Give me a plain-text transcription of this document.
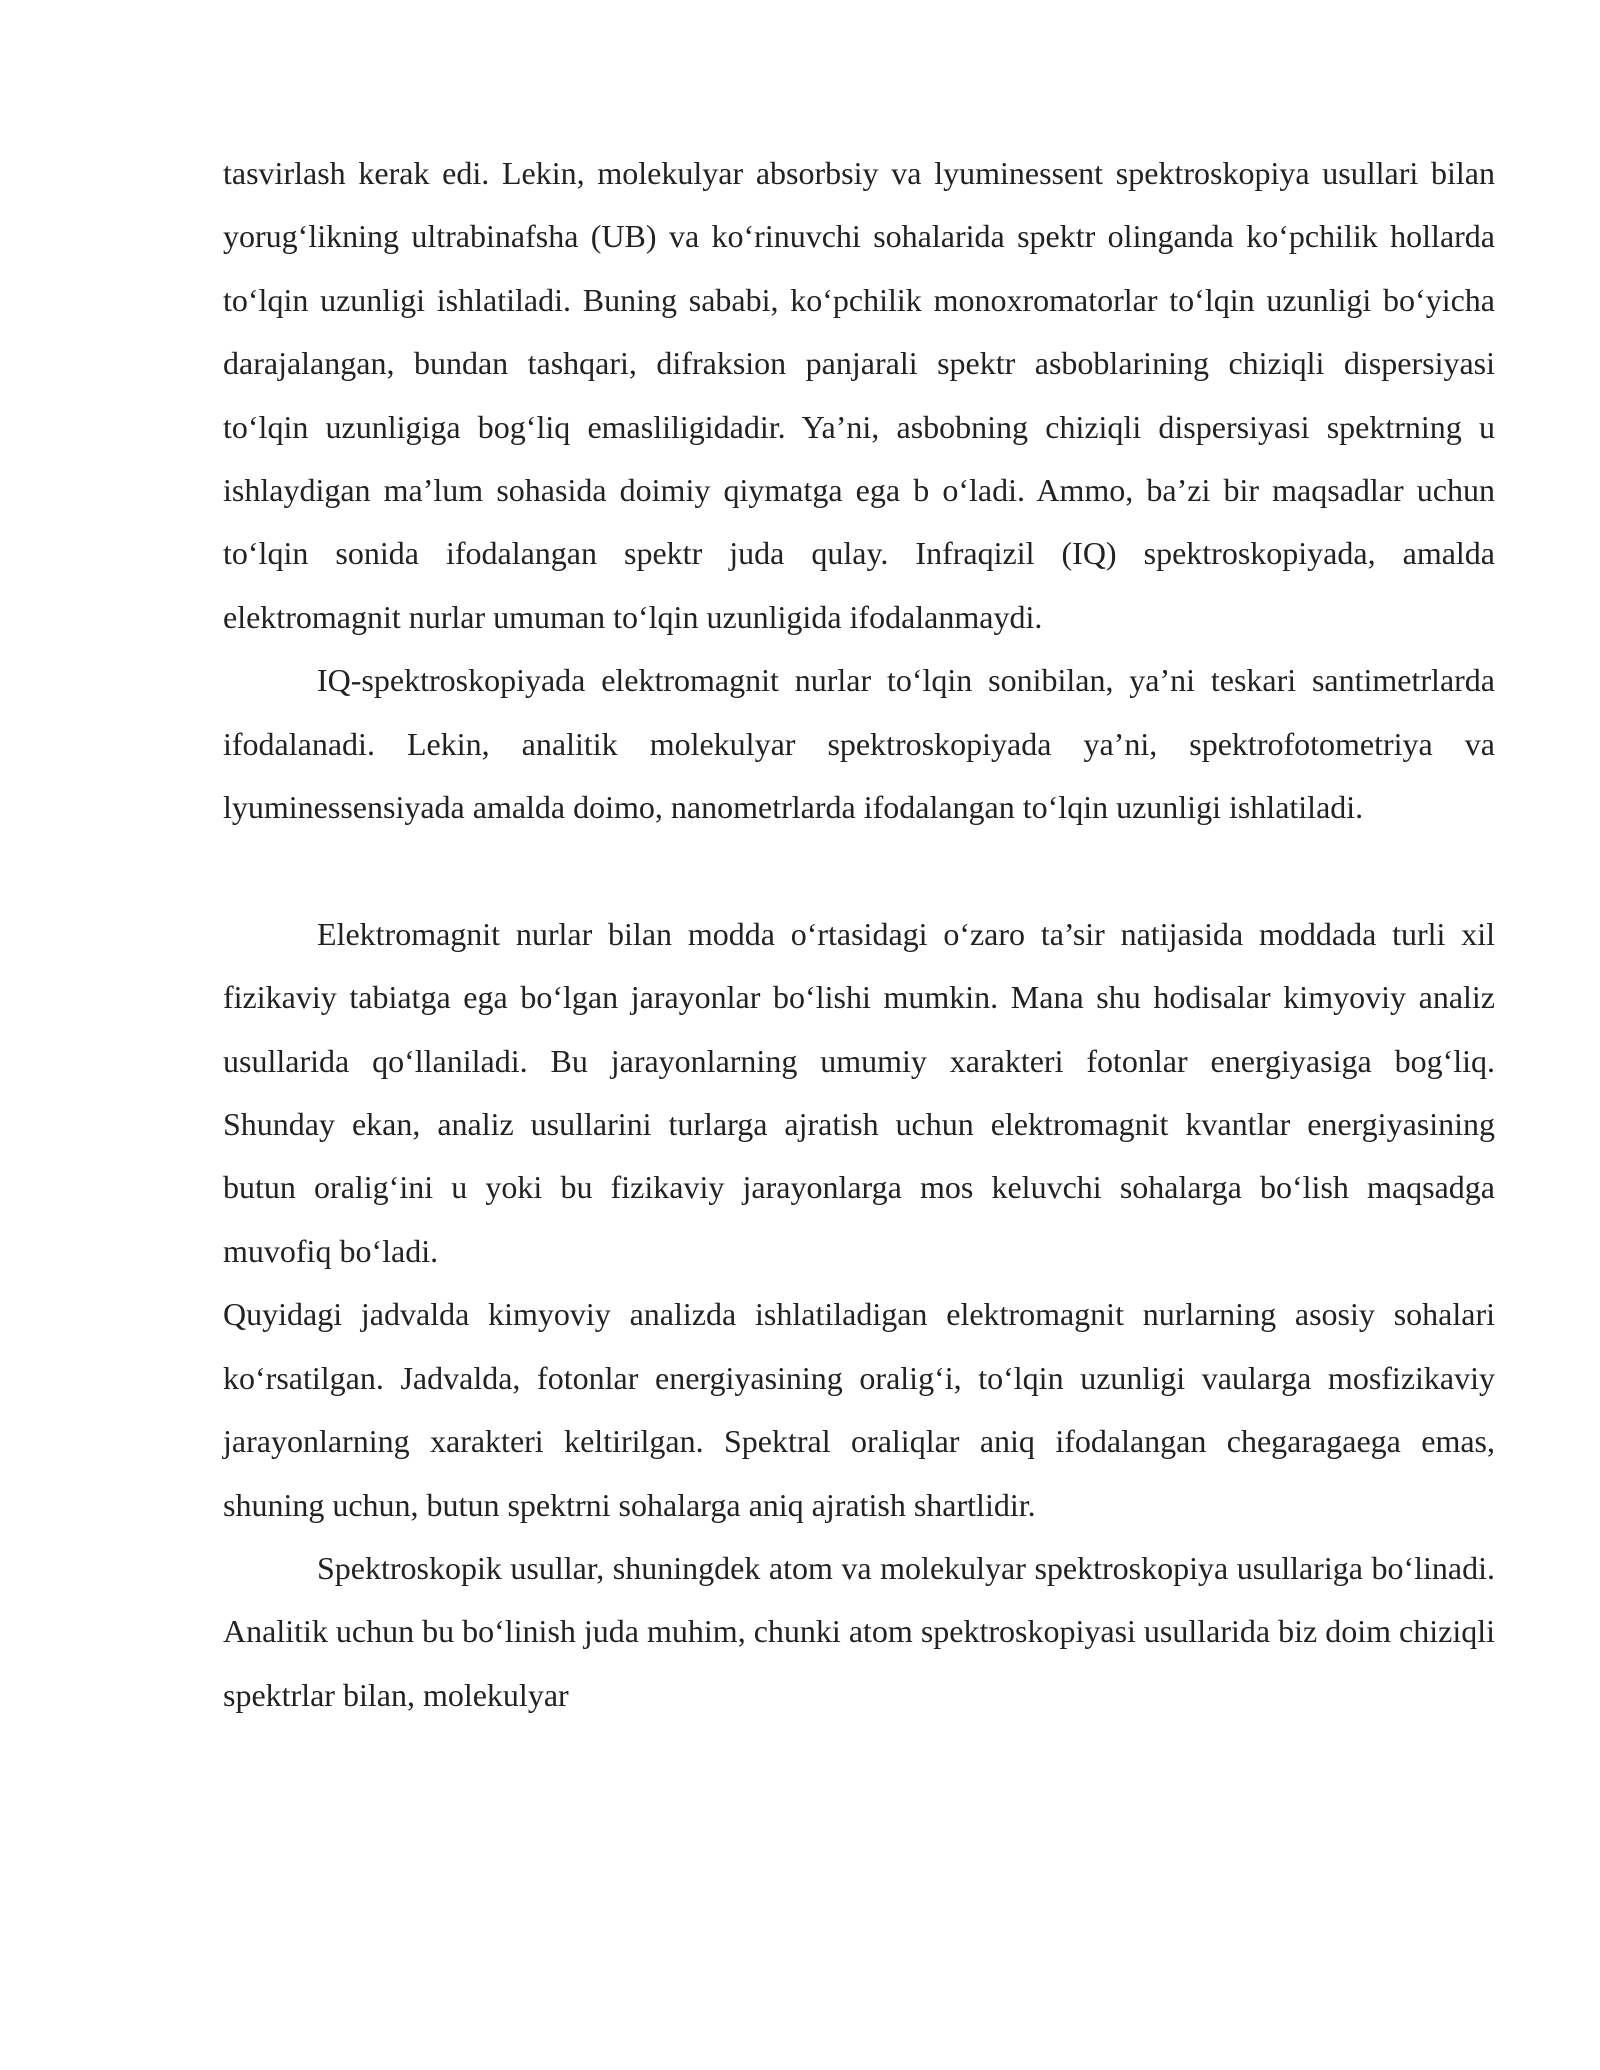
tasvirlash kerak edi. Lekin, molekulyar absorbsiy va lyuminessent spektroskopiya usullari bilan yorug‘likning ultrabinafsha (UB) va ko‘rinuvchi sohalarida spektr olinganda ko‘pchilik hollarda to‘lqin uzunligi ishlatiladi. Buning sababi, ko‘pchilik monoxromatorlar to‘lqin uzunligi bo‘yicha darajalangan, bundan tashqari, difraksion panjarali spektr asboblarining chiziqli dispersiyasi to‘lqin uzunligiga bog‘liq emasliligidadir. Ya’ni, asbobning chiziqli dispersiyasi spektrning u ishlaydigan ma’lum sohasida doimiy qiymatga ega b o‘ladi. Ammo, ba’zi bir maqsadlar uchun to‘lqin sonida ifodalangan spektr juda qulay. Infraqizil (IQ) spektroskopiyada, amalda elektromagnit nurlar umuman to‘lqin uzunligida ifodalanmaydi.

IQ-spektroskopiyada elektromagnit nurlar to‘lqin sonibilan, ya’ni teskari santimetrlarda ifodalanadi. Lekin, analitik molekulyar spektroskopiyada ya’ni, spektrofotometriya va lyuminessensiyada amalda doimo, nanometrlarda ifodalangan to‘lqin uzunligi ishlatiladi.

Elektromagnit nurlar bilan modda o‘rtasidagi o‘zaro ta’sir natijasida moddada turli xil fizikaviy tabiatga ega bo‘lgan jarayonlar bo‘lishi mumkin. Mana shu hodisalar kimyoviy analiz usullarida qo‘llaniladi. Bu jarayonlarning umumiy xarakteri fotonlar energiyasiga bog‘liq. Shunday ekan, analiz usullarini turlarga ajratish uchun elektromagnit kvantlar energiyasining butun oralig‘ini u yoki bu fizikaviy jarayonlarga mos keluvchi sohalarga bo‘lish maqsadga muvofiq bo‘ladi.

Quyidagi jadvalda kimyoviy analizda ishlatiladigan elektromagnit nurlarning asosiy sohalari ko‘rsatilgan. Jadvalda, fotonlar energiyasining oralig‘i, to‘lqin uzunligi vaularga mosfizikaviy jarayonlarning xarakteri keltirilgan. Spektral oraliqlar aniq ifodalangan chegaragaega emas, shuning uchun, butun spektrni sohalarga aniq ajratish shartlidir.

Spektroskopik usullar, shuningdek atom va molekulyar spektroskopiya usullariga bo‘linadi. Analitik uchun bu bo‘linish juda muhim, chunki atom spektroskopiyasi usullarida biz doim chiziqli spektrlar bilan, molekulyar
